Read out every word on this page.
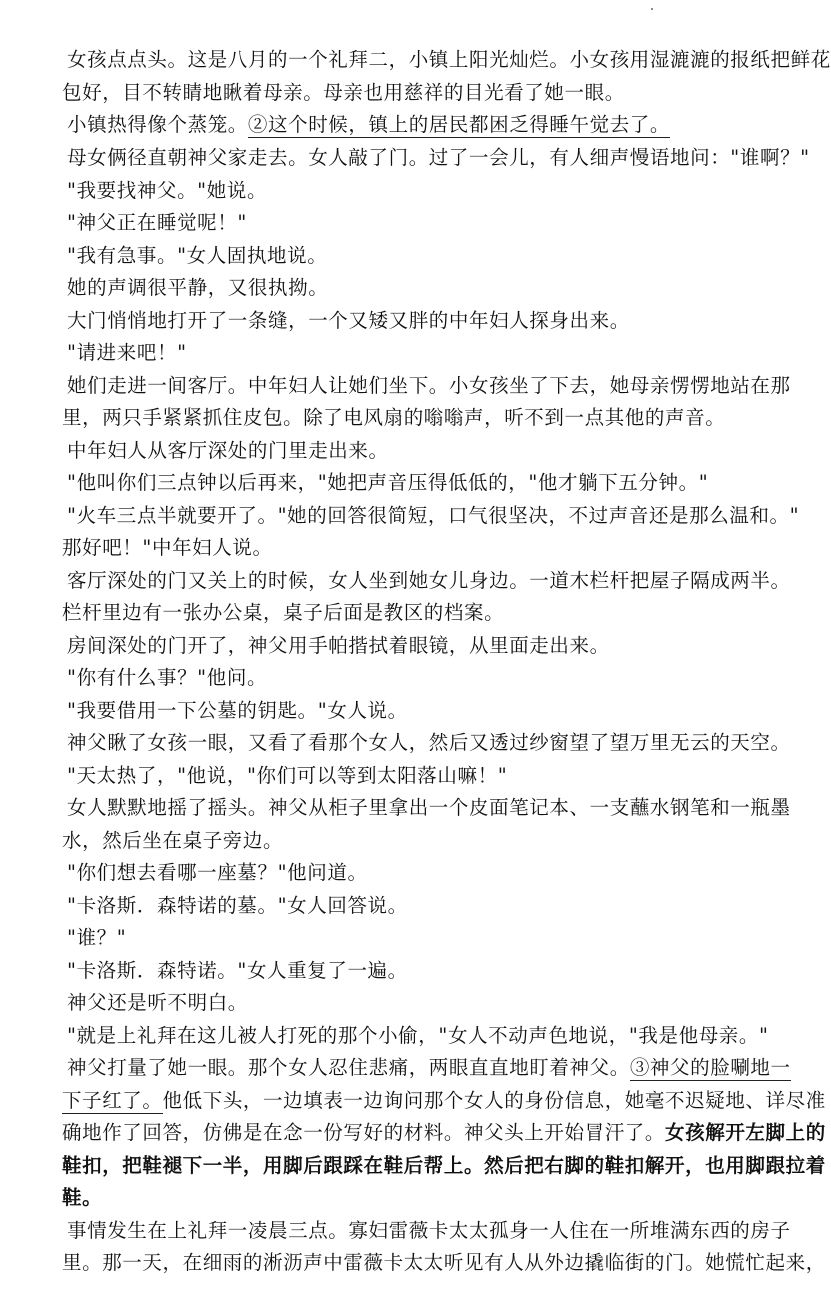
女孩点点头。这是八月的一个礼拜二，小镇上阳光灿烂。小女孩用湿漉漉的报纸把鲜花
包好，目不转睛地瞅着母亲。母亲也用慈祥的目光看了她一眼。
小镇热得像个蒸笼。②这个时候，镇上的居民都困乏得睡午觉去了。
母女俩径直朝神父家走去。女人敲了门。过了一会儿，有人细声慢语地问："谁啊？"
"我要找神父。"她说。
"神父正在睡觉呢！"
"我有急事。"女人固执地说。
她的声调很平静，又很执拗。
大门悄悄地打开了一条缝，一个又矮又胖的中年妇人探身出来。
"请进来吧！"
她们走进一间客厅。中年妇人让她们坐下。小女孩坐了下去，她母亲愣愣地站在那
里，两只手紧紧抓住皮包。除了电风扇的嗡嗡声，听不到一点其他的声音。
中年妇人从客厅深处的门里走出来。
"他叫你们三点钟以后再来，"她把声音压得低低的，"他才躺下五分钟。"
"火车三点半就要开了。"她的回答很简短，口气很坚决，不过声音还是那么温和。"
那好吧！"中年妇人说。
客厅深处的门又关上的时候，女人坐到她女儿身边。一道木栏杆把屋子隔成两半。
栏杆里边有一张办公桌，桌子后面是教区的档案。
房间深处的门开了，神父用手帕揩拭着眼镜，从里面走出来。
"你有什么事？"他问。
"我要借用一下公墓的钥匙。"女人说。
神父瞅了女孩一眼，又看了看那个女人，然后又透过纱窗望了望万里无云的天空。
"天太热了，"他说，"你们可以等到太阳落山嘛！"
女人默默地摇了摇头。神父从柜子里拿出一个皮面笔记本、一支蘸水钢笔和一瓶墨
水，然后坐在桌子旁边。
"你们想去看哪一座墓？"他问道。
"卡洛斯．森特诺的墓。"女人回答说。
"谁？"
"卡洛斯．森特诺。"女人重复了一遍。
神父还是听不明白。
"就是上礼拜在这儿被人打死的那个小偷，"女人不动声色地说，"我是他母亲。"
神父打量了她一眼。那个女人忍住悲痛，两眼直直地盯着神父。③神父的脸唰地一
下子红了。他低下头，一边填表一边询问那个女人的身份信息，她毫不迟疑地、详尽准
确地作了回答，仿佛是在念一份写好的材料。神父头上开始冒汗了。女孩解开左脚上的
鞋扣，把鞋褪下一半，用脚后跟踩在鞋后帮上。然后把右脚的鞋扣解开，也用脚跟拉着
鞋。
事情发生在上礼拜一凌晨三点。寡妇雷薇卡太太孤身一人住在一所堆满东西的房子
里。那一天，在细雨的淅沥声中雷薇卡太太听见有人从外边撬临街的门。她慌忙起来，
